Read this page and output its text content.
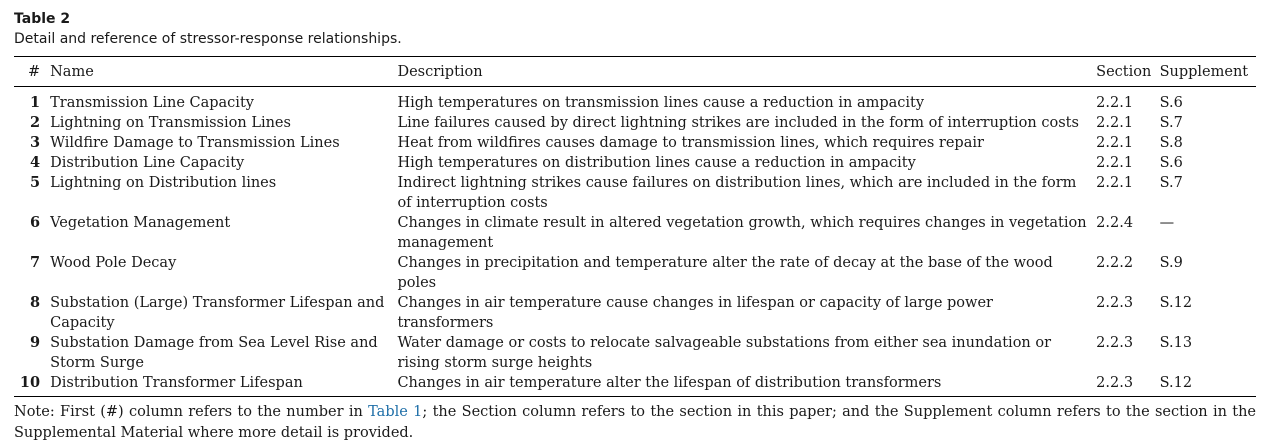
Table 2
Detail and reference of stressor-response relationships.
#	Name	Description	Section	Supplement
1	Transmission Line Capacity	High temperatures on transmission lines cause a reduction in ampacity	2.2.1	S.6
2	Lightning on Transmission Lines	Line failures caused by direct lightning strikes are included in the form of interruption costs	2.2.1	S.7
3	Wildfire Damage to Transmission Lines	Heat from wildfires causes damage to transmission lines, which requires repair	2.2.1	S.8
4	Distribution Line Capacity	High temperatures on distribution lines cause a reduction in ampacity	2.2.1	S.6
5	Lightning on Distribution lines	Indirect lightning strikes cause failures on distribution lines, which are included in the form of interruption costs	2.2.1	S.7
6	Vegetation Management	Changes in climate result in altered vegetation growth, which requires changes in vegetation management	2.2.4	—
7	Wood Pole Decay	Changes in precipitation and temperature alter the rate of decay at the base of the wood poles	2.2.2	S.9
8	Substation (Large) Transformer Lifespan and Capacity	Changes in air temperature cause changes in lifespan or capacity of large power transformers	2.2.3	S.12
9	Substation Damage from Sea Level Rise and Storm Surge	Water damage or costs to relocate salvageable substations from either sea inundation or rising storm surge heights	2.2.3	S.13
10	Distribution Transformer Lifespan	Changes in air temperature alter the lifespan of distribution transformers	2.2.3	S.12
Note: First (#) column refers to the number in Table 1; the Section column refers to the section in this paper; and the Supplement column refers to the section in the Supplemental Material where more detail is provided.
